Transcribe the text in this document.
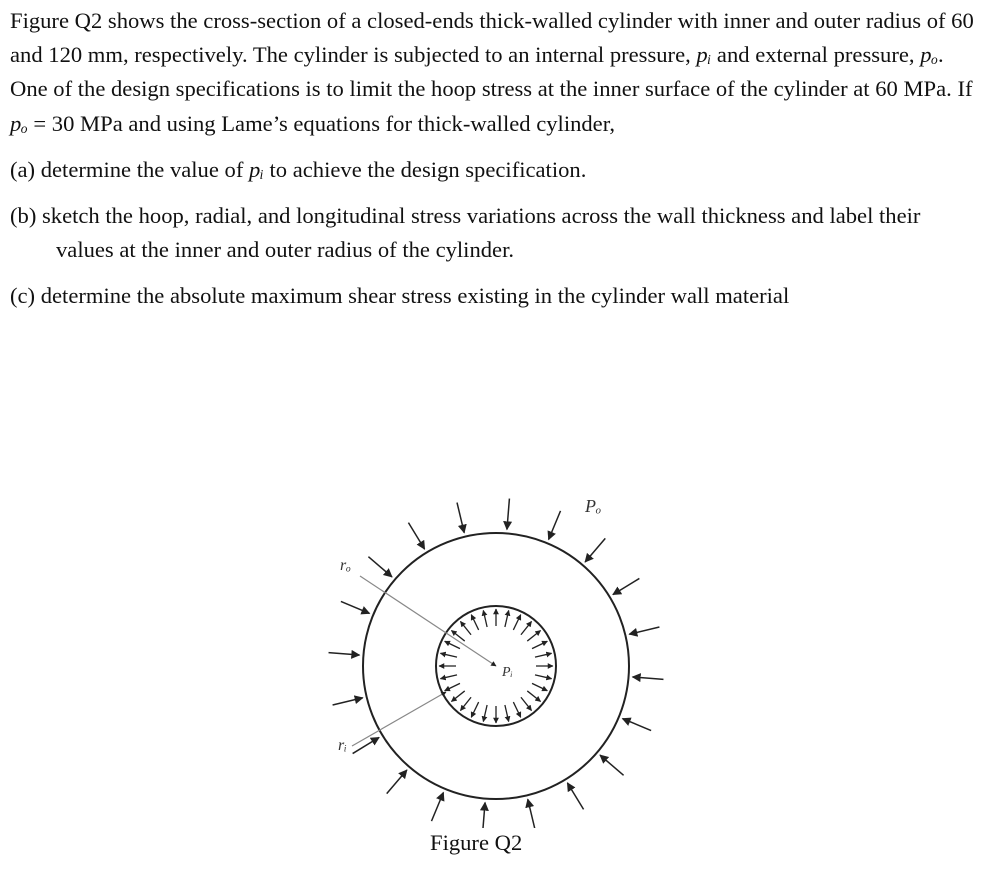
Figure Q2 shows the cross-section of a closed-ends thick-walled cylinder with inner and outer radius of 60 and 120 mm, respectively. The cylinder is subjected to an internal pressure, pᵢ and external pressure, pₒ. One of the design specifications is to limit the hoop stress at the inner surface of the cylinder at 60 MPa. If pₒ = 30 MPa and using Lame’s equations for thick-walled cylinder,

(a) determine the value of pᵢ to achieve the design specification.

(b) sketch the hoop, radial, and longitudinal stress variations across the wall thickness and label their values at the inner and outer radius of the cylinder.

(c) determine the absolute maximum shear stress existing in the cylinder wall material

rₒ
rᵢ
Pₒ
Pᵢ
Figure Q2
